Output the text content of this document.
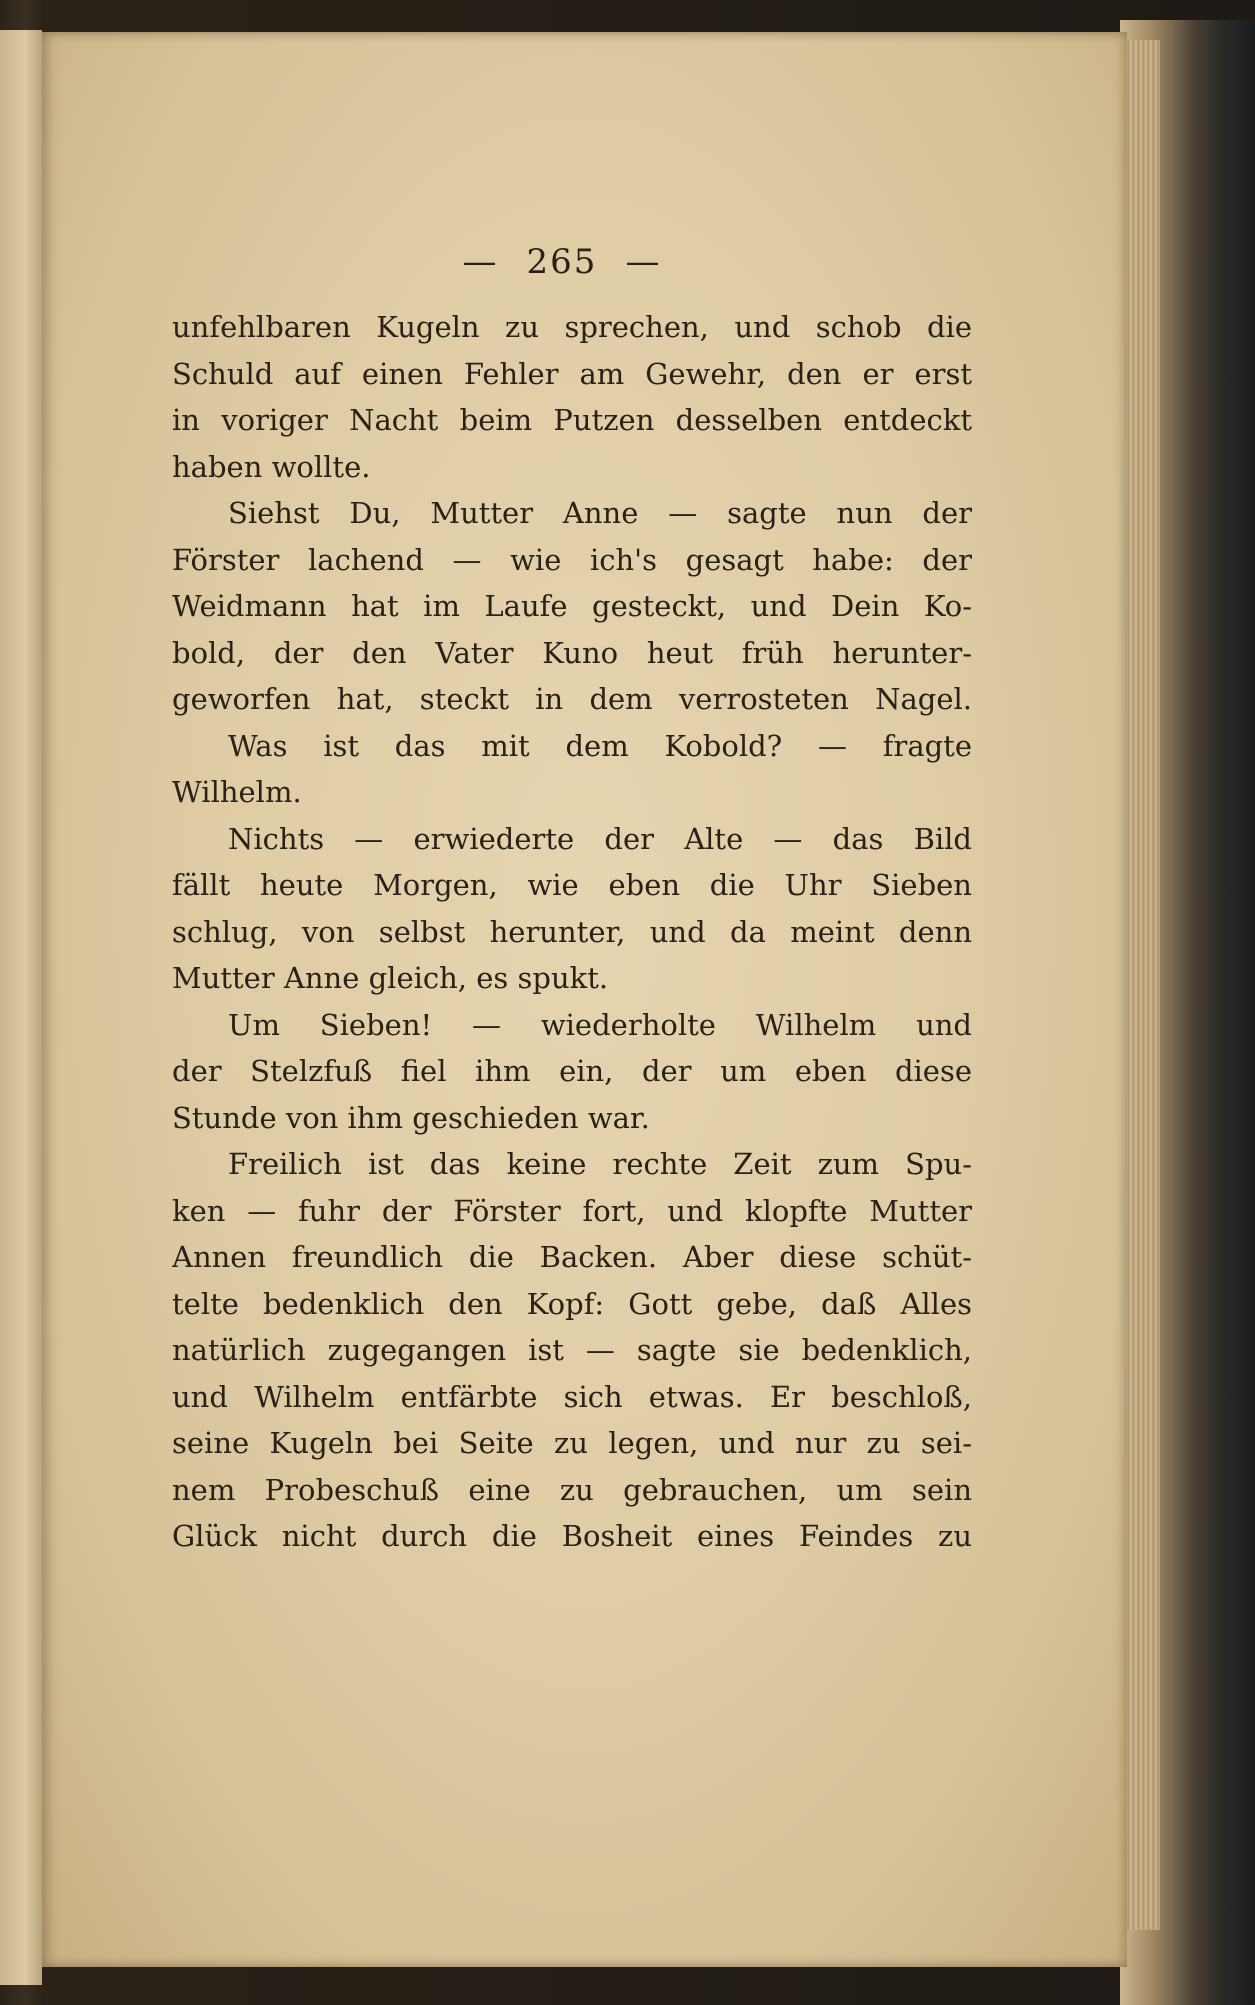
— 265 —
unfehlbaren Kugeln zu sprechen, und schob die
Schuld auf einen Fehler am Gewehr, den er erst
in voriger Nacht beim Putzen desselben entdeckt
haben wollte.
Siehst Du, Mutter Anne — sagte nun der
Förster lachend — wie ich's gesagt habe: der
Weidmann hat im Laufe gesteckt, und Dein Ko-
bold, der den Vater Kuno heut früh herunter-
geworfen hat, steckt in dem verrosteten Nagel.
Was ist das mit dem Kobold? — fragte
Wilhelm.
Nichts — erwiederte der Alte — das Bild
fällt heute Morgen, wie eben die Uhr Sieben
schlug, von selbst herunter, und da meint denn
Mutter Anne gleich, es spukt.
Um Sieben! — wiederholte Wilhelm und
der Stelzfuß fiel ihm ein, der um eben diese
Stunde von ihm geschieden war.
Freilich ist das keine rechte Zeit zum Spu-
ken — fuhr der Förster fort, und klopfte Mutter
Annen freundlich die Backen. Aber diese schüt-
telte bedenklich den Kopf: Gott gebe, daß Alles
natürlich zugegangen ist — sagte sie bedenklich,
und Wilhelm entfärbte sich etwas. Er beschloß,
seine Kugeln bei Seite zu legen, und nur zu sei-
nem Probeschuß eine zu gebrauchen, um sein
Glück nicht durch die Bosheit eines Feindes zu
